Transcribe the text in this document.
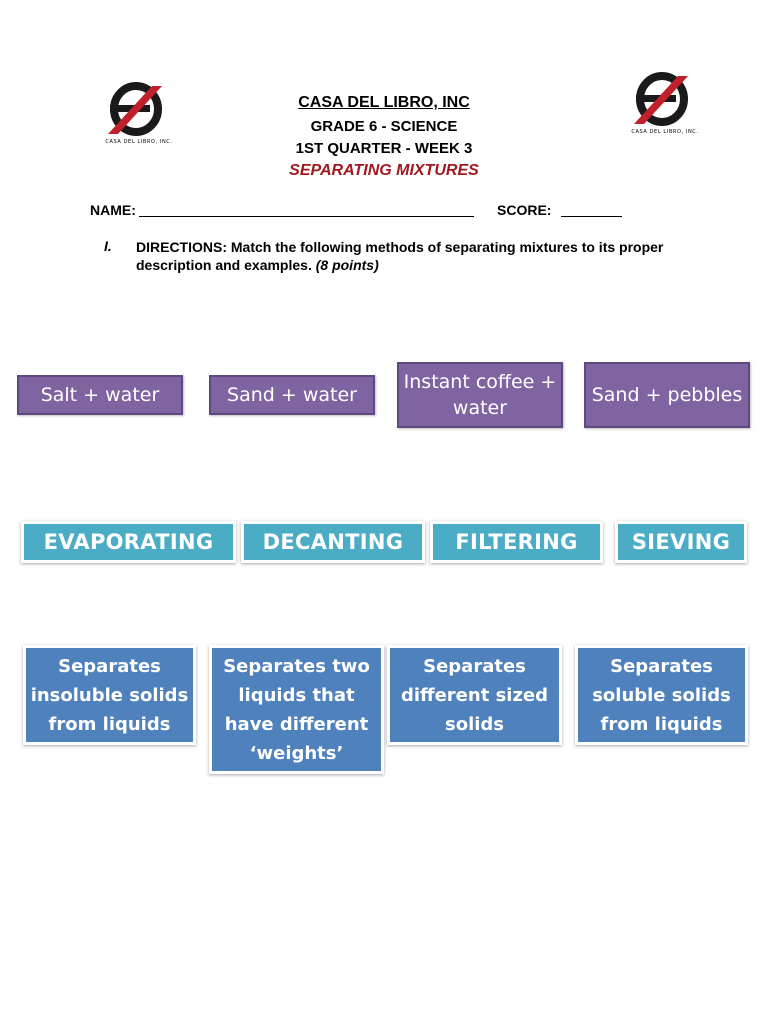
CASA DEL LIBRO, INC.
CASA DEL LIBRO, INC.
CASA DEL LIBRO, INC
GRADE 6 - SCIENCE
1ST QUARTER - WEEK 3
SEPARATING MIXTURES
NAME:	SCORE:
I. DIRECTIONS: Match the following methods of separating mixtures to its proper description and examples. (8 points)
Salt + water	Sand + water
Instant coffee + water
Sand + pebbles
EVAPORATING	DECANTING	FILTERING	SIEVING
Separates insoluble solids from liquids
Separates two liquids that have different ‘weights’
Separates different sized solids
Separates soluble solids from liquids
